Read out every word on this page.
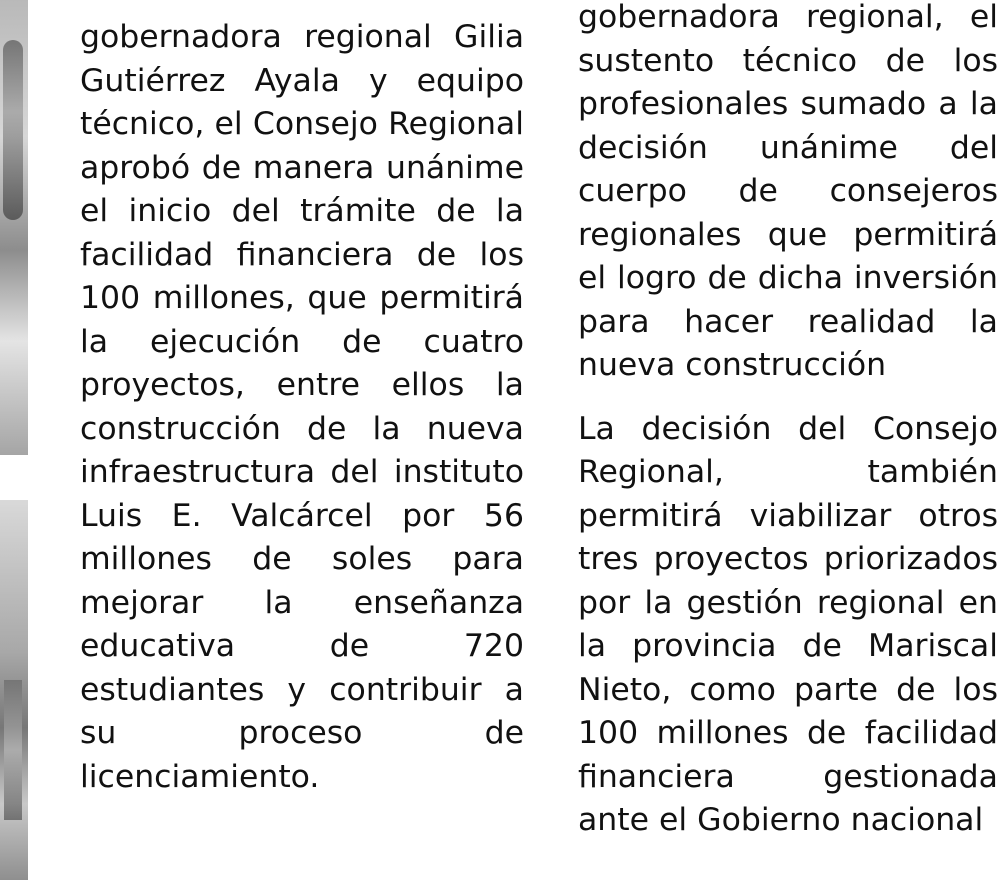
gobernadora regional Gilia Gutiérrez Ayala y equipo técnico, el Consejo Regional aprobó de manera unánime el inicio del trámite de la facilidad financiera de los 100 millones, que permitirá la ejecución de cuatro proyectos, entre ellos la construcción de la nueva infraestructura del instituto Luis E. Valcárcel por 56 millones de soles para mejorar la enseñanza educativa de 720 estudiantes y contribuir a su proceso de licenciamiento.

gobernadora regional, el sustento técnico de los profesionales sumado a la decisión unánime del cuerpo de consejeros regionales que permitirá el logro de dicha inversión para hacer realidad la nueva construcción

La decisión del Consejo Regional, también permitirá viabilizar otros tres proyectos priorizados por la gestión regional en la provincia de Mariscal Nieto, como parte de los 100 millones de facilidad financiera gestionada ante el Gobierno nacional
